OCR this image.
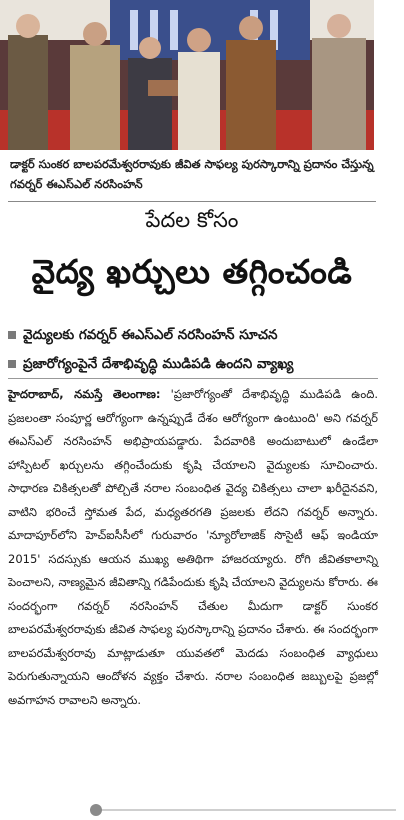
డాక్టర్ సుంకర బాలపరమేశ్వరరావుకు జీవిత సాఫల్య పురస్కారాన్ని ప్రదానం చేస్తున్న గవర్నర్ ఈఎస్ఎల్ నరసింహన్
పేదల కోసం
వైద్య ఖర్చులు తగ్గించండి
వైద్యులకు గవర్నర్ ఈఎస్ఎల్ నరసింహన్ సూచన
ప్రజారోగ్యంపైనే దేశాభివృద్ధి ముడిపడి ఉందని వ్యాఖ్య
హైదరాబాద్, నమస్తే తెలంగాణ: 'ప్రజారోగ్యంతో దేశాభివృద్ధి ముడిపడి ఉంది. ప్రజలంతా సంపూర్ణ ఆరోగ్యంగా ఉన్నప్పుడే దేశం ఆరోగ్యంగా ఉంటుంది' అని గవర్నర్ ఈఎస్ఎల్ నరసింహన్ అభిప్రాయపడ్డారు. పేదవారికి అందుబాటులో ఉండేలా హాస్పిటల్ ఖర్చులను తగ్గించేందుకు కృషి చేయాలని వైద్యులకు సూచించారు. సాధారణ చికిత్సలతో పోల్చితే నరాల సంబంధిత వైద్య చికిత్సలు చాలా ఖరీదైనవని, వాటిని భరించే స్తోమత పేద, మధ్యతరగతి ప్రజలకు లేదని గవర్నర్ అన్నారు. మాదాపూర్‌లోని హెచ్ఐసీసీలో గురువారం 'న్యూరోలాజిక్ సొసైటీ ఆఫ్ ఇండియా 2015' సదస్సుకు ఆయన ముఖ్య అతిథిగా హాజరయ్యారు. రోగి జీవితకాలాన్ని పెంచాలని, నాణ్యమైన జీవితాన్ని గడిపేందుకు కృషి చేయాలని వైద్యులను కోరారు. ఈ సందర్భంగా గవర్నర్ నరసింహన్ చేతుల మీదుగా డాక్టర్ సుంకర బాలపరమేశ్వరరావుకు జీవిత సాఫల్య పురస్కారాన్ని ప్రదానం చేశారు. ఈ సందర్భంగా బాలపరమేశ్వరరావు మాట్లాడుతూ యువతలో మెదడు సంబంధిత వ్యాధులు పెరుగుతున్నాయని ఆందోళన వ్యక్తం చేశారు. నరాల సంబంధిత జబ్బులపై ప్రజల్లో అవగాహన రావాలని అన్నారు.
